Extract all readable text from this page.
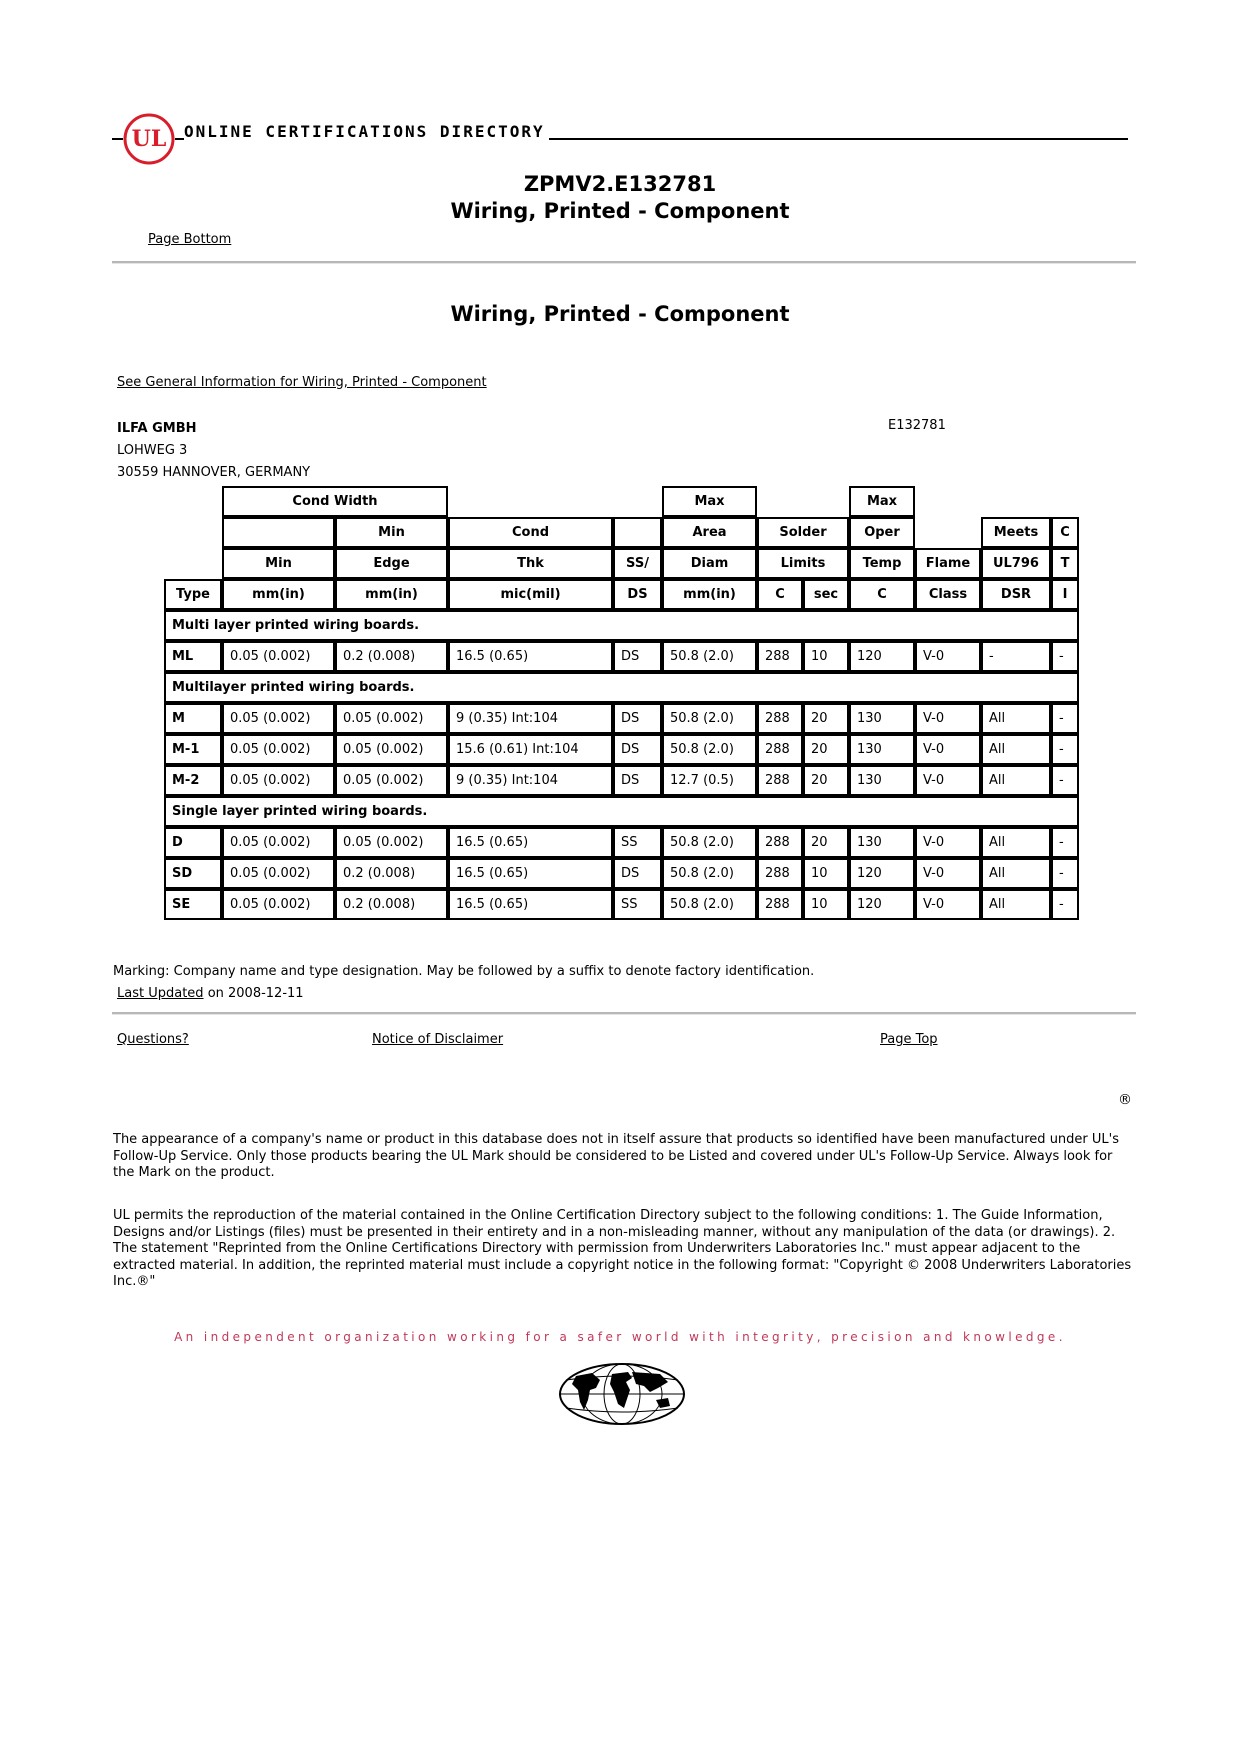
UL ONLINE CERTIFICATIONS DIRECTORY
ZPMV2.E132781
Wiring, Printed - Component
Page Bottom
Wiring, Printed - Component
See General Information for Wiring, Printed - Component
ILFA GMBH
LOHWEG 3
30559 HANNOVER, GERMANY
E132781
	Cond Width				Max			Max			
		Min	Cond		Area	Solder		Oper		Meets	C
	Min	Edge	Thk	SS/	Diam	Limits		Temp	Flame	UL796	T
Type	mm(in)	mm(in)	mic(mil)	DS	mm(in)	C	sec	C	Class	DSR	I
Multi layer printed wiring boards.											
ML	0.05 (0.002)	0.2 (0.008)	16.5 (0.65)	DS	50.8 (2.0)	288	10	120	V-0	-	-
Multilayer printed wiring boards.											
M	0.05 (0.002)	0.05 (0.002)	9 (0.35) Int:104	DS	50.8 (2.0)	288	20	130	V-0	All	-
M-1	0.05 (0.002)	0.05 (0.002)	15.6 (0.61) Int:104	DS	50.8 (2.0)	288	20	130	V-0	All	-
M-2	0.05 (0.002)	0.05 (0.002)	9 (0.35) Int:104	DS	12.7 (0.5)	288	20	130	V-0	All	-
Single layer printed wiring boards.											
D	0.05 (0.002)	0.05 (0.002)	16.5 (0.65)	SS	50.8 (2.0)	288	20	130	V-0	All	-
SD	0.05 (0.002)	0.2 (0.008)	16.5 (0.65)	DS	50.8 (2.0)	288	10	120	V-0	All	-
SE	0.05 (0.002)	0.2 (0.008)	16.5 (0.65)	SS	50.8 (2.0)	288	10	120	V-0	All	-
Marking: Company name and type designation. May be followed by a suffix to denote factory identification.
Last Updated on 2008-12-11
Questions?	Notice of Disclaimer	Page Top
®
The appearance of a company's name or product in this database does not in itself assure that products so identified have been manufactured under UL's Follow-Up Service. Only those products bearing the UL Mark should be considered to be Listed and covered under UL's Follow-Up Service. Always look for the Mark on the product.
UL permits the reproduction of the material contained in the Online Certification Directory subject to the following conditions: 1. The Guide Information, Designs and/or Listings (files) must be presented in their entirety and in a non-misleading manner, without any manipulation of the data (or drawings). 2. The statement "Reprinted from the Online Certifications Directory with permission from Underwriters Laboratories Inc." must appear adjacent to the extracted material. In addition, the reprinted material must include a copyright notice in the following format: "Copyright © 2008 Underwriters Laboratories Inc.®"
An independent organization working for a safer world with integrity, precision and knowledge.
